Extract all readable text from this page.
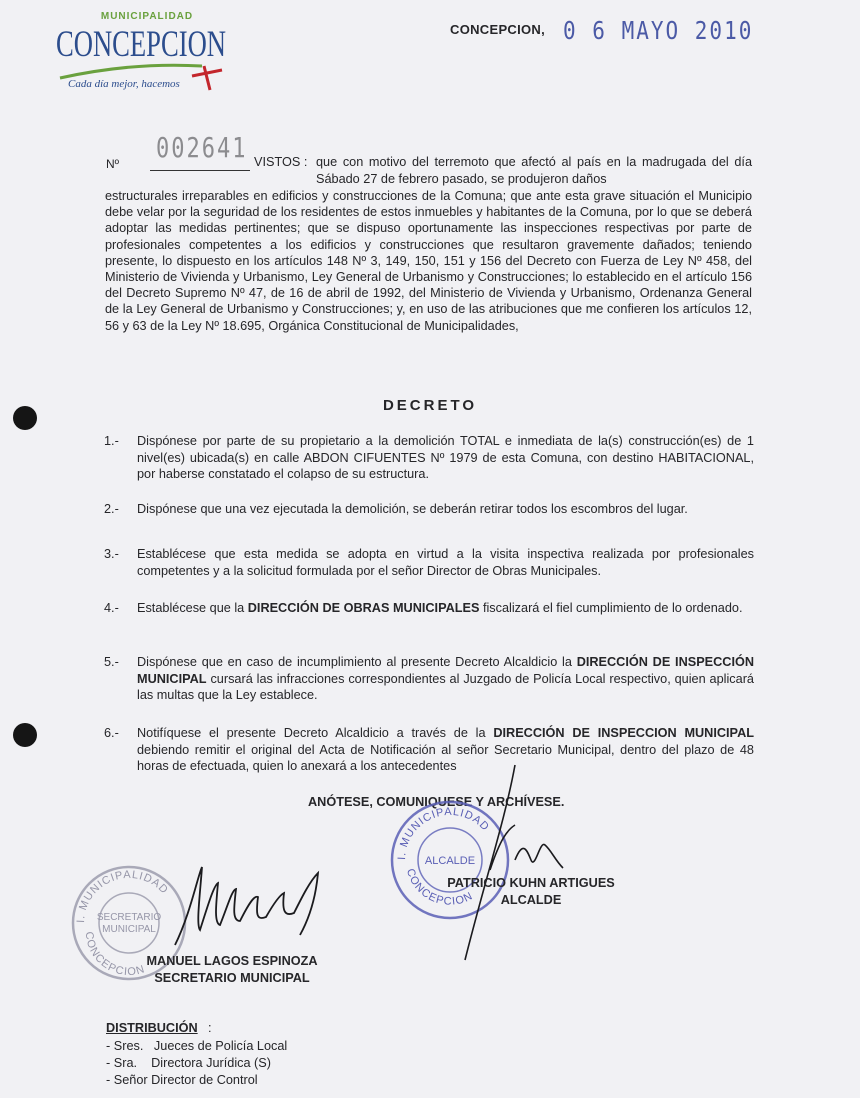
MUNICIPALIDAD
CONCEPCION
Cada día mejor, hacemos
CONCEPCION, 0 6 MAYO 2010
Nº 002641 VISTOS : que con motivo del terremoto que afectó al país en la madrugada del día Sábado 27 de febrero pasado, se produjeron daños
estructurales irreparables en edificios y construcciones de la Comuna; que ante esta grave situación el Municipio debe velar por la seguridad de los residentes de estos inmuebles y habitantes de la Comuna, por lo que se deberá adoptar las medidas pertinentes; que se dispuso oportunamente las inspecciones respectivas por parte de profesionales competentes a los edificios y construcciones que resultaron gravemente dañados; teniendo presente, lo dispuesto en los artículos 148 Nº 3, 149, 150, 151 y 156 del Decreto con Fuerza de Ley Nº 458, del Ministerio de Vivienda y Urbanismo, Ley General de Urbanismo y Construcciones; lo establecido en el artículo 156 del Decreto Supremo Nº 47, de 16 de abril de 1992, del Ministerio de Vivienda y Urbanismo, Ordenanza General de la Ley General de Urbanismo y Construcciones; y, en uso de las atribuciones que me confieren los artículos 12, 56 y 63 de la Ley Nº 18.695, Orgánica Constitucional de Municipalidades,
DECRETO
1.- Dispónese por parte de su propietario a la demolición TOTAL e inmediata de la(s) construcción(es) de 1 nivel(es) ubicada(s) en calle ABDON CIFUENTES Nº 1979 de esta Comuna, con destino HABITACIONAL, por haberse constatado el colapso de su estructura.
2.- Dispónese que una vez ejecutada la demolición, se deberán retirar todos los escombros del lugar.
3.- Establécese que esta medida se adopta en virtud a la visita inspectiva realizada por profesionales competentes y a la solicitud formulada por el señor Director de Obras Municipales.
4.- Establécese que la DIRECCIÓN DE OBRAS MUNICIPALES fiscalizará el fiel cumplimiento de lo ordenado.
5.- Dispónese que en caso de incumplimiento al presente Decreto Alcaldicio la DIRECCIÓN DE INSPECCIÓN MUNICIPAL cursará las infracciones correspondientes al Juzgado de Policía Local respectivo, quien aplicará las multas que la Ley establece.
6.- Notifíquese el presente Decreto Alcaldicio a través de la DIRECCIÓN DE INSPECCION MUNICIPAL debiendo remitir el original del Acta de Notificación al señor Secretario Municipal, dentro del plazo de 48 horas de efectuada, quien lo anexará a los antecedentes
ANÓTESE, COMUNIQUESE Y ARCHÍVESE.
I. MUNICIPALIDAD
ALCALDE
CONCEPCION
PATRICIO KUHN ARTIGUES
ALCALDE
I. MUNICIPALIDAD
SECRETARIO
MUNICIPAL
CONCEPCION
MANUEL LAGOS ESPINOZA
SECRETARIO MUNICIPAL
DISTRIBUCIÓN :
- Sres.   Jueces de Policía Local
- Sra.    Directora Jurídica (S)
- Señor Director de Control
